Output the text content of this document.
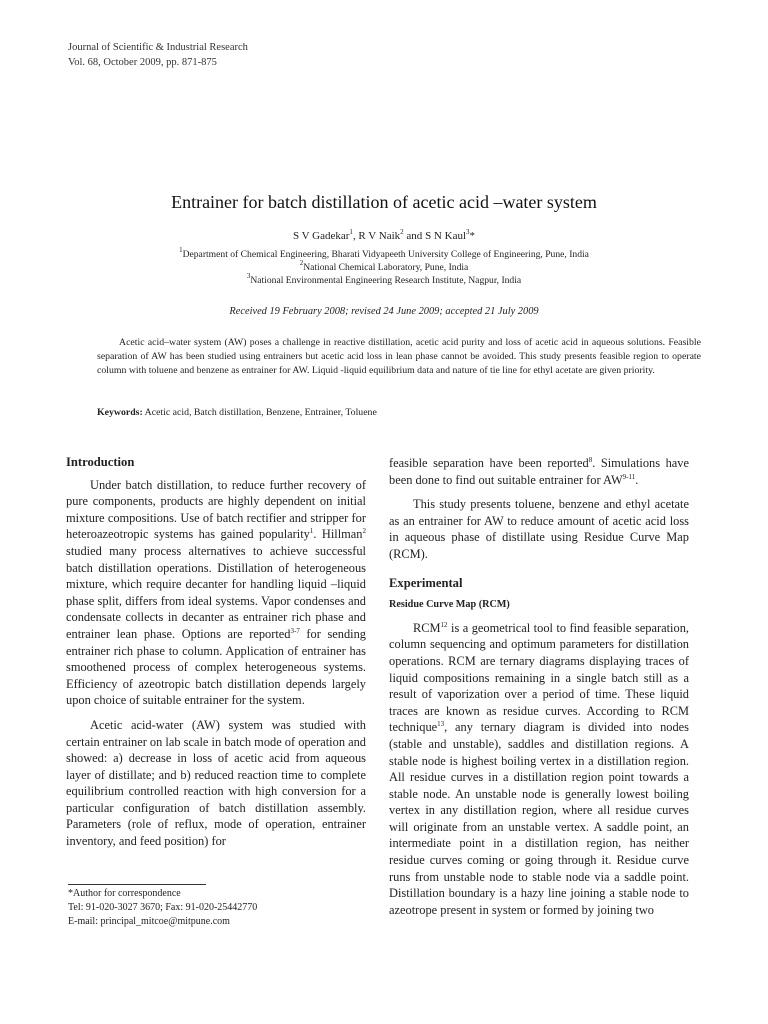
Journal of Scientific & Industrial Research
Vol. 68, October 2009, pp. 871-875
Entrainer for batch distillation of acetic acid –water system
S V Gadekar$^1$, R V Naik$^2$ and S N Kaul$^3$*
$^1$Department of Chemical Engineering, Bharati Vidyapeeth University College of Engineering, Pune, India
$^2$National Chemical Laboratory, Pune, India
$^3$National Environmental Engineering Research Institute, Nagpur, India
Received 19 February 2008; revised 24 June 2009; accepted 21 July 2009
Acetic acid–water system (AW) poses a challenge in reactive distillation, acetic acid purity and loss of acetic acid in aqueous solutions. Feasible separation of AW has been studied using entrainers but acetic acid loss in lean phase cannot be avoided. This study presents feasible region to operate column with toluene and benzene as entrainer for AW. Liquid -liquid equilibrium data and nature of tie line for ethyl acetate are given priority.
Keywords: Acetic acid, Batch distillation, Benzene, Entrainer, Toluene
Introduction

Under batch distillation, to reduce further recovery of pure components, products are highly dependent on initial mixture compositions. Use of batch rectifier and stripper for heteroazeotropic systems has gained popularity$^1$. Hillman$^2$ studied many process alternatives to achieve successful batch distillation operations. Distillation of heterogeneous mixture, which require decanter for handling liquid –liquid phase split, differs from ideal systems. Vapor condenses and condensate collects in decanter as entrainer rich phase and entrainer lean phase. Options are reported$^{3-7}$ for sending entrainer rich phase to column. Application of entrainer has smoothened process of complex heterogeneous systems. Efficiency of azeotropic batch distillation depends largely upon choice of suitable entrainer for the system.

Acetic acid-water (AW) system was studied with certain entrainer on lab scale in batch mode of operation and showed: a) decrease in loss of acetic acid from aqueous layer of distillate; and b) reduced reaction time to complete equilibrium controlled reaction with high conversion for a particular configuration of batch distillation assembly. Parameters (role of reflux, mode of operation, entrainer inventory, and feed position) for

feasible separation have been reported$^8$. Simulations have been done to find out suitable entrainer for AW$^{9-11}$.

This study presents toluene, benzene and ethyl acetate as an entrainer for AW to reduce amount of acetic acid loss in aqueous phase of distillate using Residue Curve Map (RCM).

Experimental
Residue Curve Map (RCM)

RCM$^{12}$ is a geometrical tool to find feasible separation, column sequencing and optimum parameters for distillation operations. RCM are ternary diagrams displaying traces of liquid compositions remaining in a single batch still as a result of vaporization over a period of time. These liquid traces are known as residue curves. According to RCM technique$^{13}$, any ternary diagram is divided into nodes (stable and unstable), saddles and distillation regions. A stable node is highest boiling vertex in a distillation region. All residue curves in a distillation region point towards a stable node. An unstable node is generally lowest boiling vertex in any distillation region, where all residue curves will originate from an unstable vertex. A saddle point, an intermediate point in a distillation region, has neither residue curves coming or going through it. Residue curve runs from unstable node to stable node via a saddle point. Distillation boundary is a hazy line joining a stable node to azeotrope present in system or formed by joining two

*Author for correspondence
Tel: 91-020-3027 3670; Fax: 91-020-25442770
E-mail: principal_mitcoe@mitpune.com
